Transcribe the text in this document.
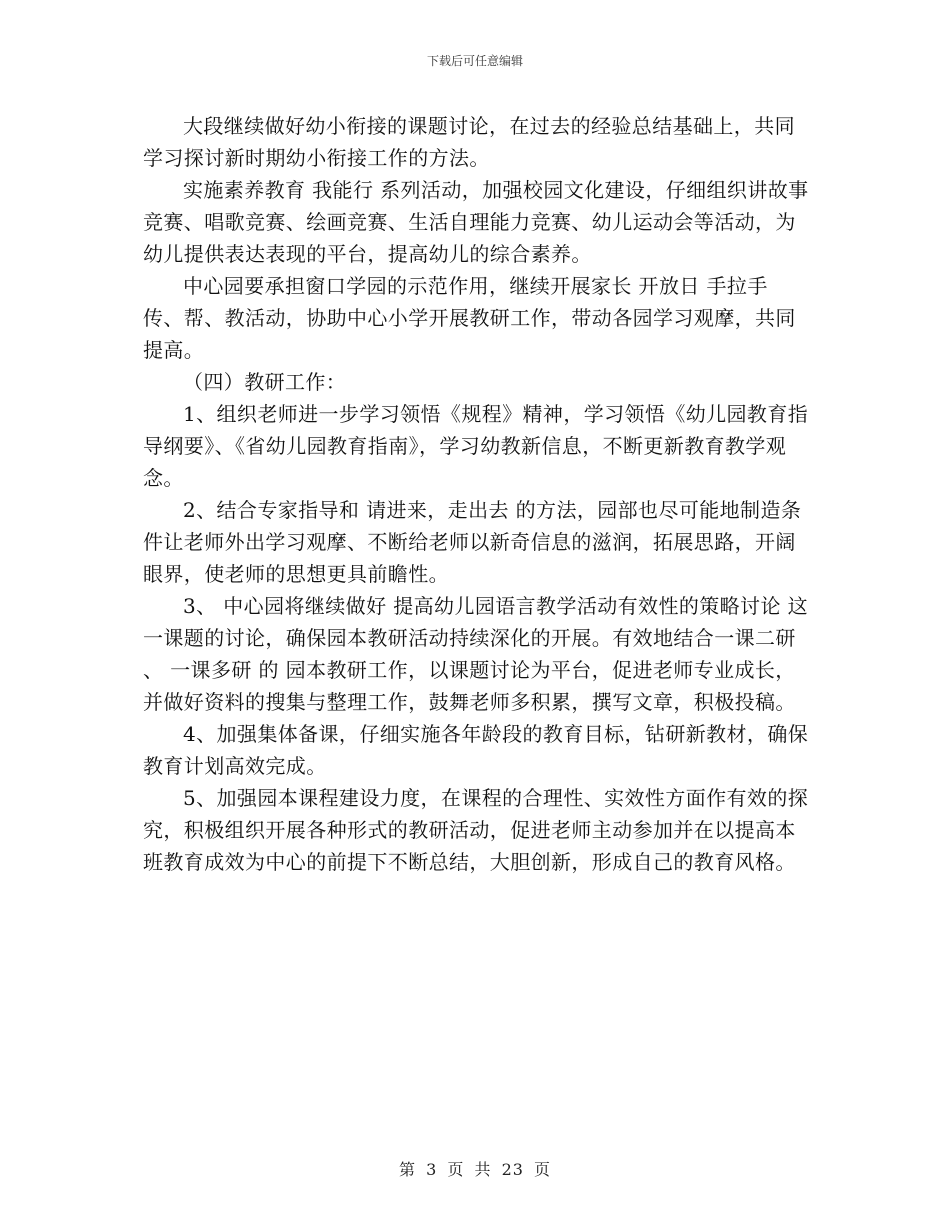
下载后可任意编辑

大段继续做好幼小衔接的课题讨论，在过去的经验总结基础上，共同学习探讨新时期幼小衔接工作的方法。

实施素养教育 我能行 系列活动，加强校园文化建设，仔细组织讲故事竞赛、唱歌竞赛、绘画竞赛、生活自理能力竞赛、幼儿运动会等活动，为幼儿提供表达表现的平台，提高幼儿的综合素养。

中心园要承担窗口学园的示范作用，继续开展家长 开放日 手拉手 传、帮、教活动，协助中心小学开展教研工作，带动各园学习观摩，共同提高。

（四）教研工作：

1、组织老师进一步学习领悟《规程》精神，学习领悟《幼儿园教育指导纲要》、《省幼儿园教育指南》，学习幼教新信息，不断更新教育教学观念。

2、结合专家指导和 请进来，走出去 的方法，园部也尽可能地制造条件让老师外出学习观摩、不断给老师以新奇信息的滋润，拓展思路，开阔眼界，使老师的思想更具前瞻性。

3、 中心园将继续做好 提高幼儿园语言教学活动有效性的策略讨论 这一课题的讨论，确保园本教研活动持续深化的开展。有效地结合一课二研 、 一课多研 的 园本教研工作，以课题讨论为平台，促进老师专业成长，并做好资料的搜集与整理工作，鼓舞老师多积累，撰写文章，积极投稿。

4、加强集体备课，仔细实施各年龄段的教育目标，钻研新教材，确保教育计划高效完成。

5、加强园本课程建设力度，在课程的合理性、实效性方面作有效的探究，积极组织开展各种形式的教研活动，促进老师主动参加并在以提高本班教育成效为中心的前提下不断总结，大胆创新，形成自己的教育风格。

第 3 页 共 23 页
